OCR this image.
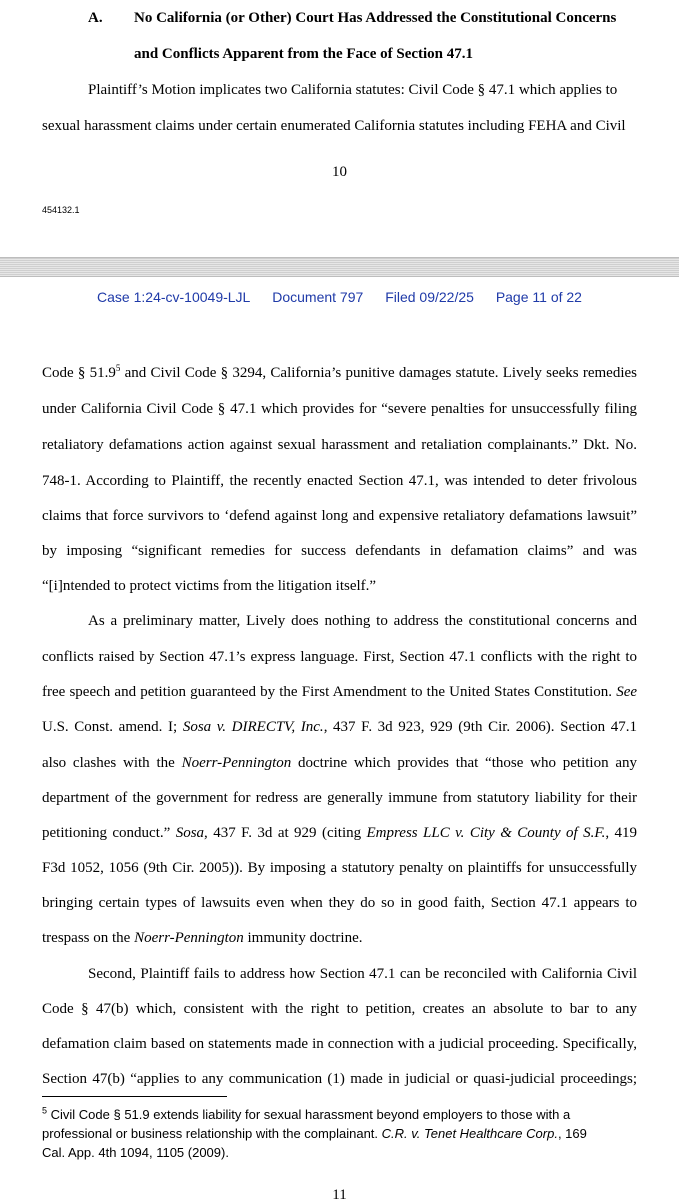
A. No California (or Other) Court Has Addressed the Constitutional Concerns
and Conflicts Apparent from the Face of Section 47.1
Plaintiff’s Motion implicates two California statutes: Civil Code § 47.1 which applies to
sexual harassment claims under certain enumerated California statutes including FEHA and Civil
10
454132.1
Case 1:24-cv-10049-LJL Document 797 Filed 09/22/25 Page 11 of 22
Code § 51.9$^5$ and Civil Code § 3294, California’s punitive damages statute. Lively seeks remedies
under California Civil Code § 47.1 which provides for “severe penalties for unsuccessfully filing
retaliatory defamations action against sexual harassment and retaliation complainants.” Dkt. No.
748-1. According to Plaintiff, the recently enacted Section 47.1, was intended to deter frivolous
claims that force survivors to ‘defend against long and expensive retaliatory defamations lawsuit”
by imposing “significant remedies for success defendants in defamation claims” and was
“[i]ntended to protect victims from the litigation itself.”
As a preliminary matter, Lively does nothing to address the constitutional concerns and
conflicts raised by Section 47.1’s express language. First, Section 47.1 conflicts with the right to
free speech and petition guaranteed by the First Amendment to the United States Constitution. See
U.S. Const. amend. I; Sosa v. DIRECTV, Inc., 437 F. 3d 923, 929 (9th Cir. 2006). Section 47.1
also clashes with the Noerr-Pennington doctrine which provides that “those who petition any
department of the government for redress are generally immune from statutory liability for their
petitioning conduct.” Sosa, 437 F. 3d at 929 (citing Empress LLC v. City & County of S.F., 419
F3d 1052, 1056 (9th Cir. 2005)). By imposing a statutory penalty on plaintiffs for unsuccessfully
bringing certain types of lawsuits even when they do so in good faith, Section 47.1 appears to
trespass on the Noerr-Pennington immunity doctrine.
Second, Plaintiff fails to address how Section 47.1 can be reconciled with California Civil
Code § 47(b) which, consistent with the right to petition, creates an absolute to bar to any
defamation claim based on statements made in connection with a judicial proceeding. Specifically,
Section 47(b) “applies to any communication (1) made in judicial or quasi-judicial proceedings;
$^5$ Civil Code § 51.9 extends liability for sexual harassment beyond employers to those with a
professional or business relationship with the complainant. C.R. v. Tenet Healthcare Corp., 169
Cal. App. 4th 1094, 1105 (2009).
11
